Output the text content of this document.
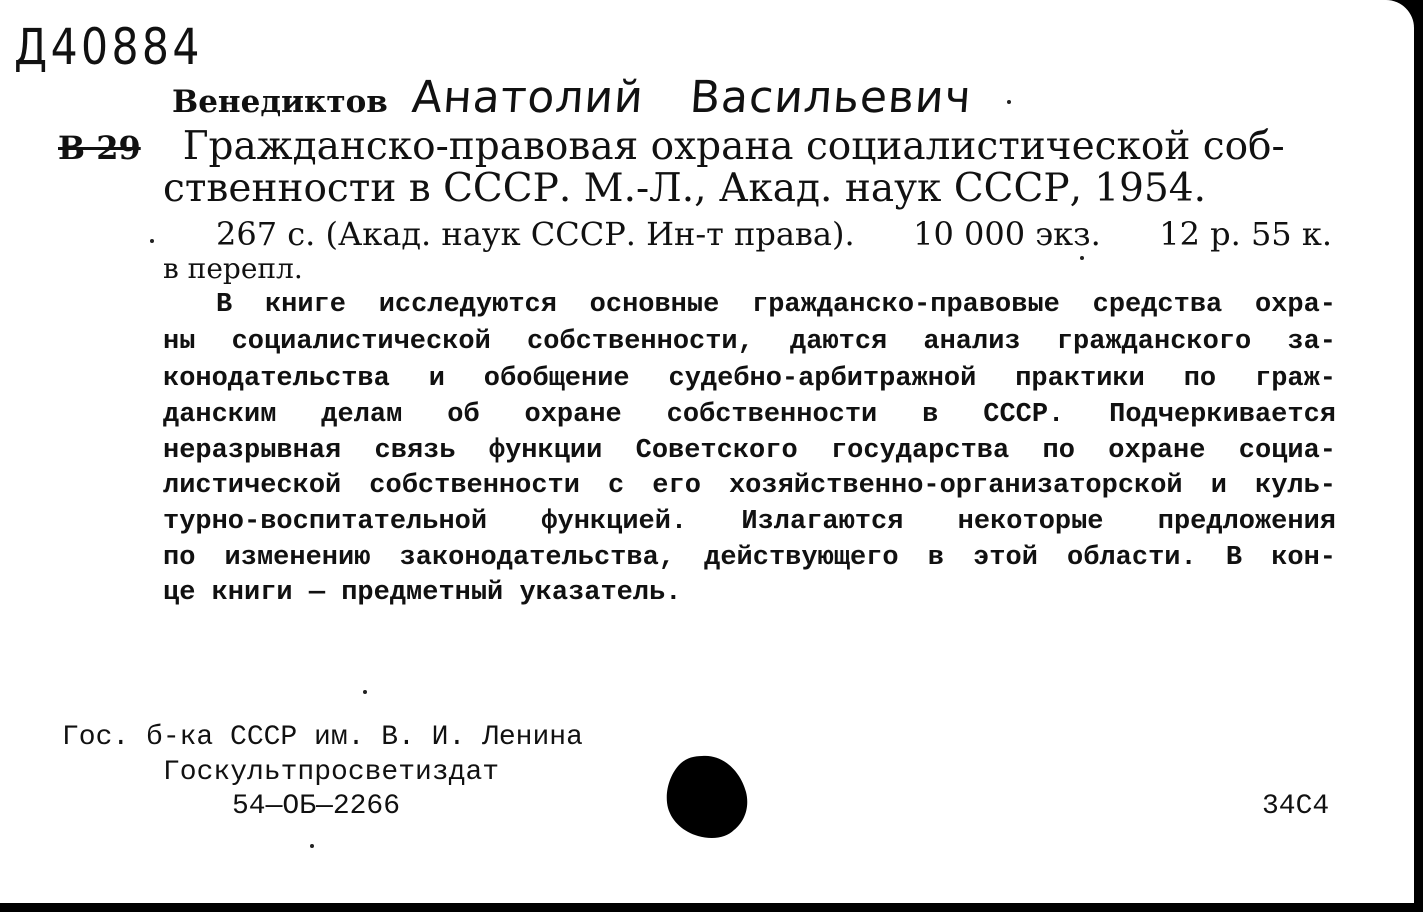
Д40884
Венедиктов Анатолий Васильевич
В 29 Гражданско-правовая охрана социалистической соб-
ственности в СССР. М.-Л., Акад. наук СССР, 1954.
267 с. (Акад. наук СССР. Ин-т права). 10 000 экз. 12 р. 55 к.
в перепл.
В книге исследуются основные гражданско-правовые средства охра-
ны социалистической собственности, даются анализ гражданского за-
конодательства и обобщение судебно-арбитражной практики по граж-
данским делам об охране собственности в СССР. Подчеркивается
неразрывная связь функции Советского государства по охране социа-
листической собственности с его хозяйственно-организаторской и куль-
турно-воспитательной функцией. Излагаются некоторые предложения
по изменению законодательства, действующего в этой области. В кон-
це книги — предметный указатель.
Гос. б-ка СССР им. В. И. Ленина
Госкультпросветиздат
54—ОБ—2266	34С4
